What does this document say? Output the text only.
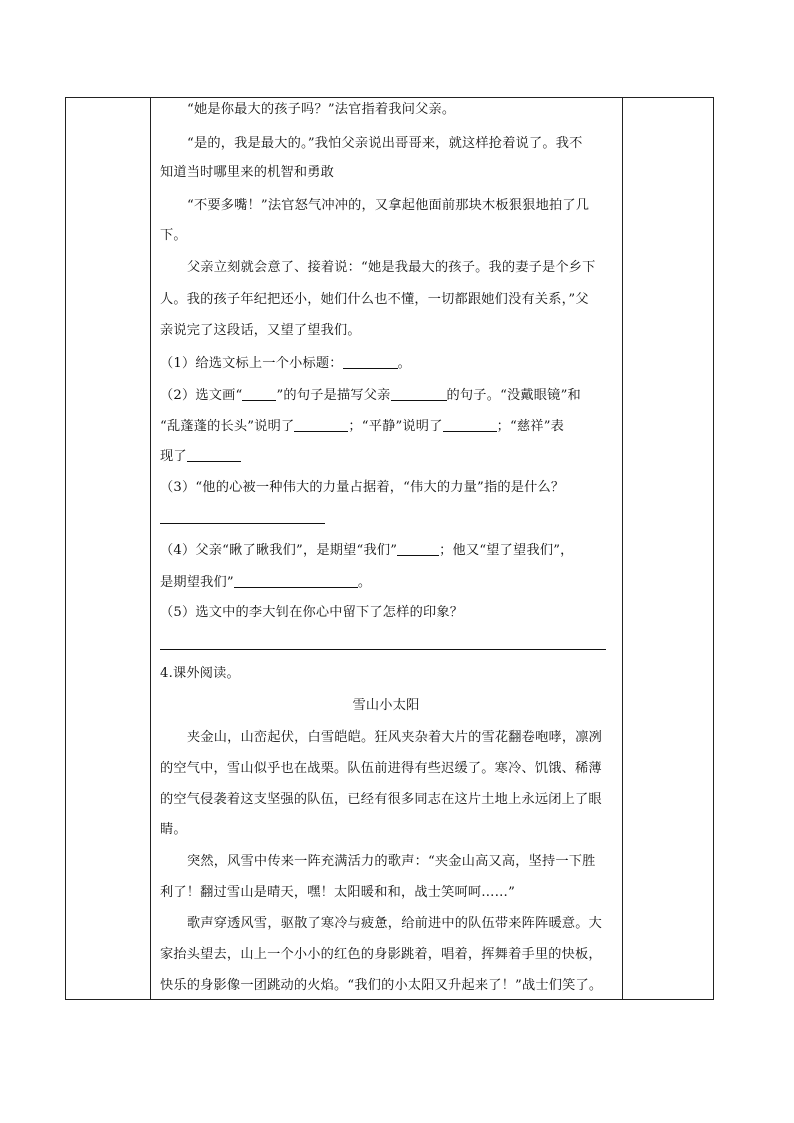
“她是你最大的孩子吗？”法官指着我问父亲。
“是的，我是最大的。”我怕父亲说出哥哥来，就这样抢着说了。我不
知道当时哪里来的机智和勇敢
“不要多嘴！”法官怒气冲冲的，又拿起他面前那块木板狠狠地拍了几
下。
父亲立刻就会意了、接着说：“她是我最大的孩子。我的妻子是个乡下
人。我的孩子年纪把还小，她们什么也不懂，一切都跟她们没有关系，”父
亲说完了这段话，又望了望我们。
（1）给选文标上一个小标题：	。
（2）选文画“	”的句子是描写父亲	的句子。“没戴眼镜”和
“乱蓬蓬的长头”说明了	；“平静”说明了	；“慈祥”表
现了
（3）“他的心被一种伟大的力量占据着，“伟大的力量”指的是什么？
（4）父亲“瞅了瞅我们”，是期望“我们”	；他又“望了望我们”，
是期望我们”	。
（5）选文中的李大钊在你心中留下了怎样的印象？
4.课外阅读。
雪山小太阳
夹金山，山峦起伏，白雪皑皑。狂风夹杂着大片的雪花翻卷咆哮，凛冽
的空气中，雪山似乎也在战栗。队伍前进得有些迟缓了。寒冷、饥饿、稀薄
的空气侵袭着这支坚强的队伍，已经有很多同志在这片土地上永远闭上了眼
睛。
突然，风雪中传来一阵充满活力的歌声：“夹金山高又高，坚持一下胜
利了！翻过雪山是晴天，嘿！太阳暖和和，战士笑呵呵……”
歌声穿透风雪，驱散了寒冷与疲惫，给前进中的队伍带来阵阵暖意。大
家抬头望去，山上一个小小的红色的身影跳着，唱着，挥舞着手里的快板，
快乐的身影像一团跳动的火焰。“我们的小太阳又升起来了！”战士们笑了。
